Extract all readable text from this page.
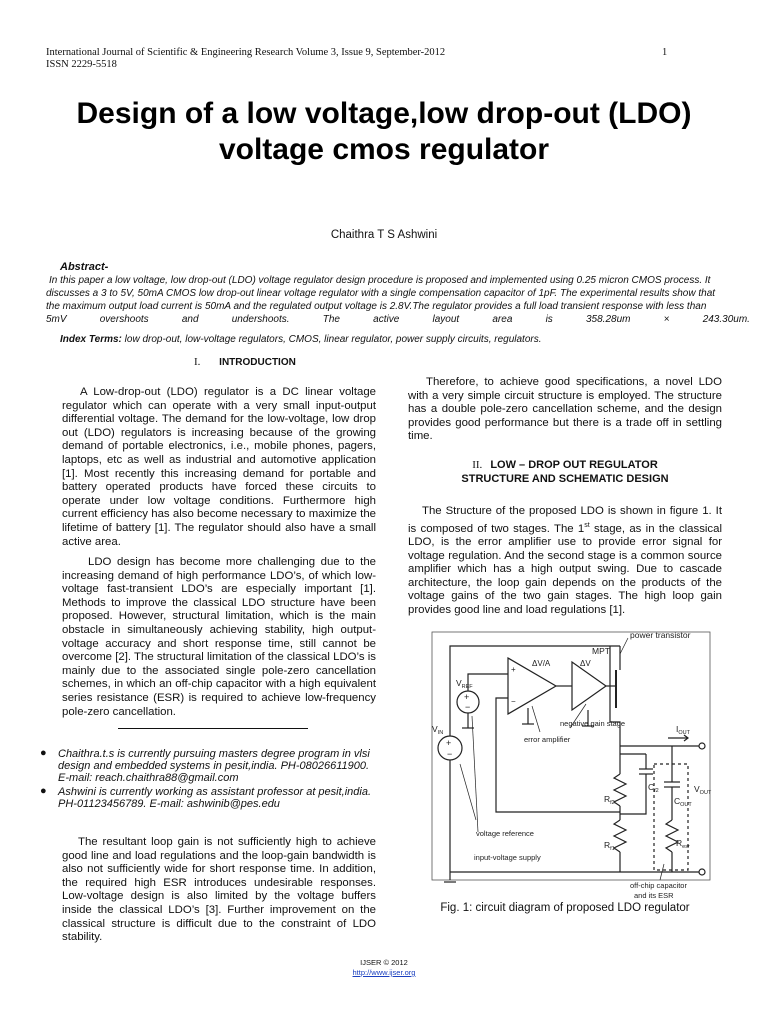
International Journal of Scientific & Engineering Research Volume 3, Issue 9, September-2012
ISSN 2229-5518
1
Design of a low voltage,low drop-out (LDO)
voltage cmos regulator
Chaithra T S Ashwini
Abstract-
In this paper a low voltage, low drop-out (LDO) voltage regulator design procedure is proposed and implemented using 0.25 micron CMOS process. It
discusses a 3 to 5V, 50mA CMOS low drop-out linear voltage regulator with a single compensation capacitor of 1pF. The experimental results show that
the maximum output load current is 50mA and the regulated output voltage is 2.8V.The regulator provides a full load transient response with less than
5mV	overshoots	and	undershoots.	The	active	layout	area	is	358.28um	×	243.30um.
Index Terms: low drop-out, low-voltage regulators, CMOS, linear regulator, power supply circuits, regulators.
I. INTRODUCTION
A Low-drop-out (LDO) regulator is a DC linear voltage regulator which can operate with a very small input-output differential voltage. The demand for the low-voltage, low drop out (LDO) regulators is increasing because of the growing demand of portable electronics, i.e., mobile phones, pagers, laptops, etc as well as industrial and automotive application [1]. Most recently this increasing demand for portable and battery operated products have forced these circuits to operate under low voltage conditions. Furthermore high current efficiency has also become necessary to maximize the lifetime of battery [1]. The regulator should also have a small active area.
LDO design has become more challenging due to the increasing demand of high performance LDO’s, of which low-voltage fast-transient LDO’s are especially important [1]. Methods to improve the classical LDO structure have been proposed. However, structural limitation, which is the main obstacle in simultaneously achieving stability, high output-voltage accuracy and short response time, still cannot be overcome [2]. The structural limitation of the classical LDO’s is mainly due to the associated single pole-zero cancellation schemes, in which an off-chip capacitor with a high equivalent series resistance (ESR) is required to achieve low-frequency pole-zero cancellation.
● Chaithra.t.s is currently pursuing masters degree program in vlsi design and embedded systems in pesit,india. PH-08026611900. E-mail: reach.chaithra88@gmail.com
● Ashwini is currently working as assistant professor at pesit,india. PH-01123456789. E-mail: ashwinib@pes.edu
The resultant loop gain is not sufficiently high to achieve good line and load regulations and the loop-gain bandwidth is also not sufficiently wide for short response time. In addition, the required high ESR introduces undesirable responses. Low-voltage design is also limited by the voltage buffers inside the classical LDO’s [3]. Further improvement on the classical structure is difficult due to the constraint of LDO stability.
Therefore, to achieve good specifications, a novel LDO with a very simple circuit structure is employed. The structure has a double pole-zero cancellation scheme, and the design provides good performance but there is a trade off in settling time.
II. LOW – DROP OUT REGULATOR
STRUCTURE AND SCHEMATIC DESIGN
The Structure of the proposed LDO is shown in figure 1. It is composed of two stages. The 1st stage, as in the classical LDO, is the error amplifier use to provide error signal for voltage regulation. And the second stage is a common source amplifier which has a high output swing. Due to cascade architecture, the loop gain depends on the products of the voltage gains of the two gain stages. The high loop gain provides good line and load regulations [1].
+
−
+
−
+
−
power transistor
MPT
$V_{REF}$
$V_{IN}$	$I_{OUT}$
ΔV/A	ΔV
negative gain stage
error amplifier
$R_{f2}$
$R_{f1}$
$C_{f2}$
$C_{OUT}$
$R_{esr}$
$V_{OUT}$
voltage reference
input-voltage supply
off-chip capacitor
and its ESR
Fig. 1: circuit diagram of proposed LDO regulator
IJSER © 2012
http://www.ijser.org
